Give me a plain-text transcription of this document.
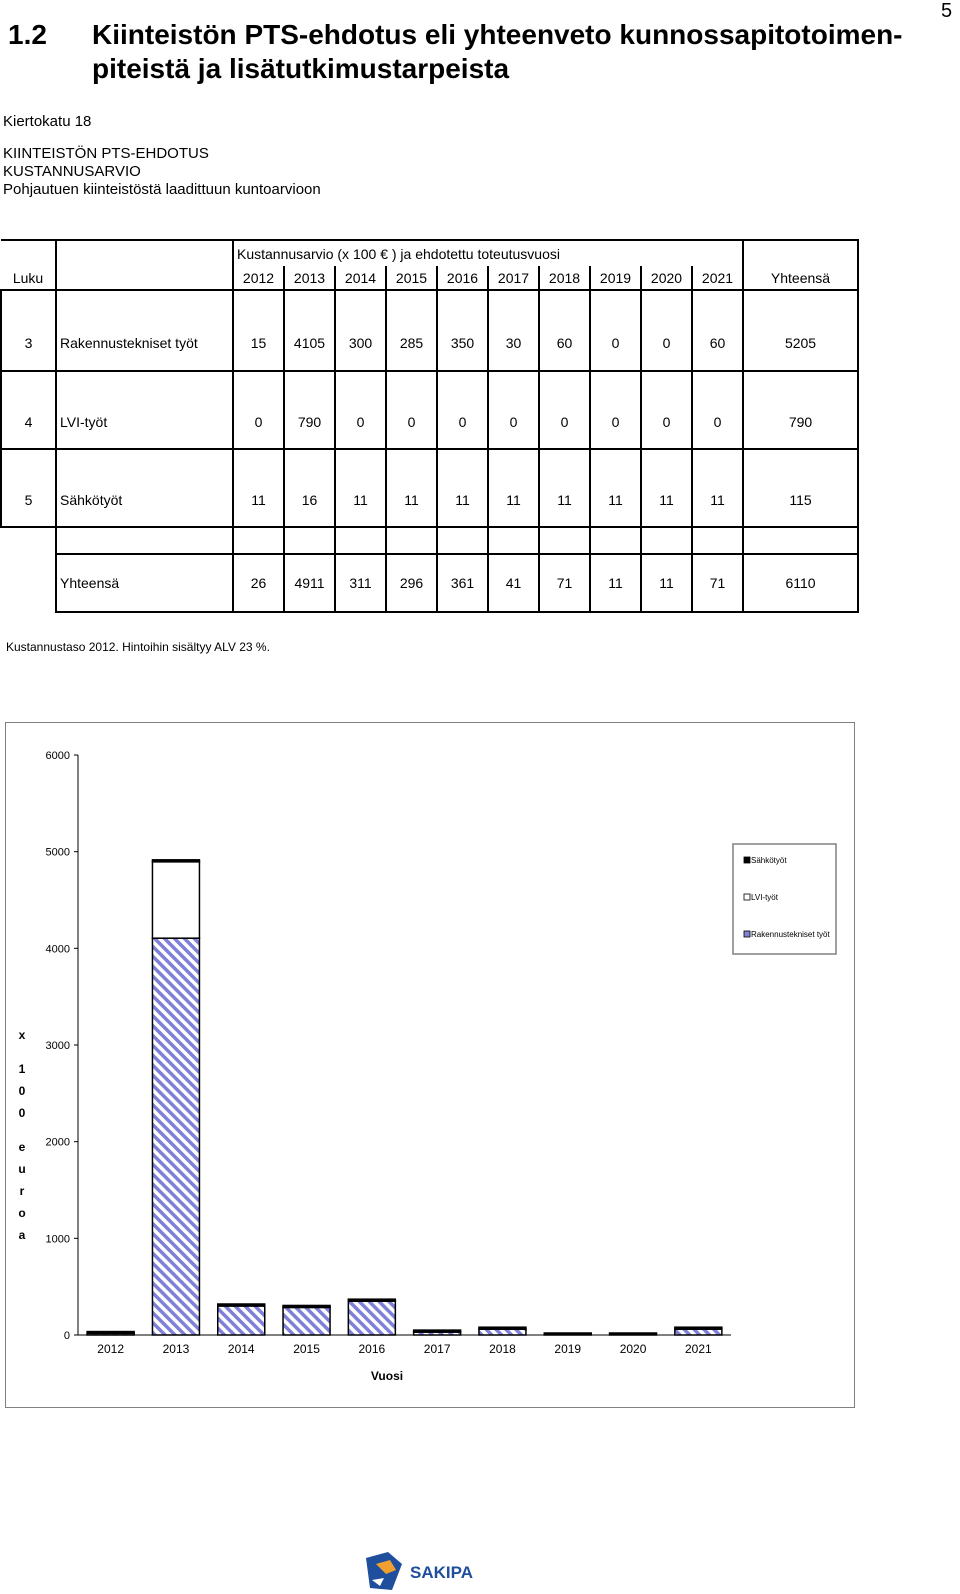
5
1.2 Kiinteistön PTS-ehdotus eli yhteenveto kunnossapitotoimen-piteistä ja lisätutkimustarpeista
Kiertokatu 18
KIINTEISTÖN PTS-EHDOTUS
KUSTANNUSARVIO
Pohjautuen kiinteistöstä laadittuun kuntoarvioon
		Kustannusarvio (x 100 € ) ja ehdotettu toteutusvuosi										
Luku		2012	2013	2014	2015	2016	2017	2018	2019	2020	2021	Yhteensä

3	Rakennustekniset työt	15	4105	300	285	350	30	60	0	0	60	5205

4	LVI-työt	0	790	0	0	0	0	0	0	0	0	790

5	Sähkötyöt	11	16	11	11	11	11	11	11	11	11	115

	Yhteensä	26	4911	311	296	361	41	71	11	11	71	6110
Kustannustaso 2012. Hintoihin sisältyy ALV 23 %.
0
1000
2000
3000
4000
5000
6000
x 1 0 0 e u r o a
2012	2013	2014	2015	2016	2017	2018	2019	2020	2021
Vuosi
Sähkötyöt
LVI-työt
Rakennustekniset työt
SAKIPA
